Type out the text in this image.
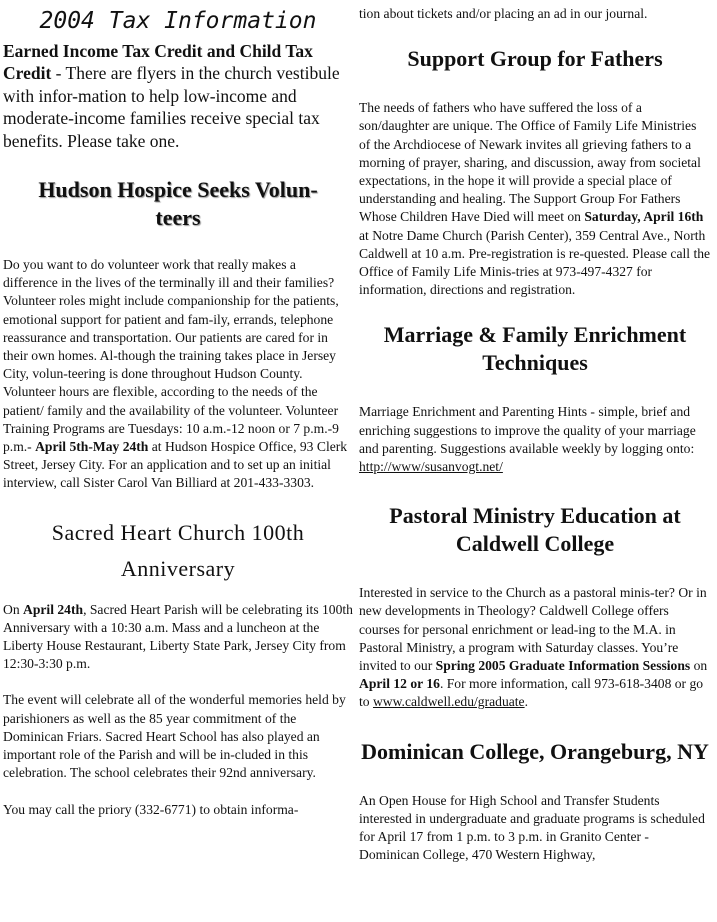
2004 Tax Information

Earned Income Tax Credit and Child Tax Credit - There are flyers in the church vestibule with infor-mation to help low-income and moderate-income families receive special tax benefits. Please take one.

Hudson Hospice Seeks Volun-teers

Do you want to do volunteer work that really makes a difference in the lives of the terminally ill and their families? Volunteer roles might include companionship for the patients, emotional support for patient and fam-ily, errands, telephone reassurance and transportation. Our patients are cared for in their own homes. Al-though the training takes place in Jersey City, volun-teering is done throughout Hudson County. Volunteer hours are flexible, according to the needs of the patient/ family and the availability of the volunteer. Volunteer Training Programs are Tuesdays: 10 a.m.-12 noon or 7 p.m.-9 p.m.- April 5th-May 24th at Hudson Hospice Office, 93 Clerk Street, Jersey City. For an application and to set up an initial interview, call Sister Carol Van Billiard at 201-433-3303.

Sacred Heart Church 100th Anniversary

On April 24th, Sacred Heart Parish will be celebrating its 100th Anniversary with a 10:30 a.m. Mass and a luncheon at the Liberty House Restaurant, Liberty State Park, Jersey City from 12:30-3:30 p.m.

The event will celebrate all of the wonderful memories held by parishioners as well as the 85 year commitment of the Dominican Friars. Sacred Heart School has also played an important role of the Parish and will be in-cluded in this celebration. The school celebrates their 92nd anniversary.

You may call the priory (332-6771) to obtain informa-

tion about tickets and/or placing an ad in our journal.

Support Group for Fathers

The needs of fathers who have suffered the loss of a son/daughter are unique. The Office of Family Life Ministries of the Archdiocese of Newark invites all grieving fathers to a morning of prayer, sharing, and discussion, away from societal expectations, in the hope it will provide a special place of understanding and healing. The Support Group For Fathers Whose Children Have Died will meet on Saturday, April 16th at Notre Dame Church (Parish Center), 359 Central Ave., North Caldwell at 10 a.m. Pre-registration is re-quested. Please call the Office of Family Life Minis-tries at 973-497-4327 for information, directions and registration.

Marriage & Family Enrichment Techniques

Marriage Enrichment and Parenting Hints - simple, brief and enriching suggestions to improve the quality of your marriage and parenting. Suggestions available weekly by logging onto: http://www/susanvogt.net/

Pastoral Ministry Education at Caldwell College

Interested in service to the Church as a pastoral minis-ter? Or in new developments in Theology? Caldwell College offers courses for personal enrichment or lead-ing to the M.A. in Pastoral Ministry, a program with Saturday classes. You’re invited to our Spring 2005 Graduate Information Sessions on April 12 or 16. For more information, call 973-618-3408 or go to www.caldwell.edu/graduate.

Dominican College, Orangeburg, NY

An Open House for High School and Transfer Students interested in undergraduate and graduate programs is scheduled for April 17 from 1 p.m. to 3 p.m. in Granito Center - Dominican College, 470 Western Highway,
